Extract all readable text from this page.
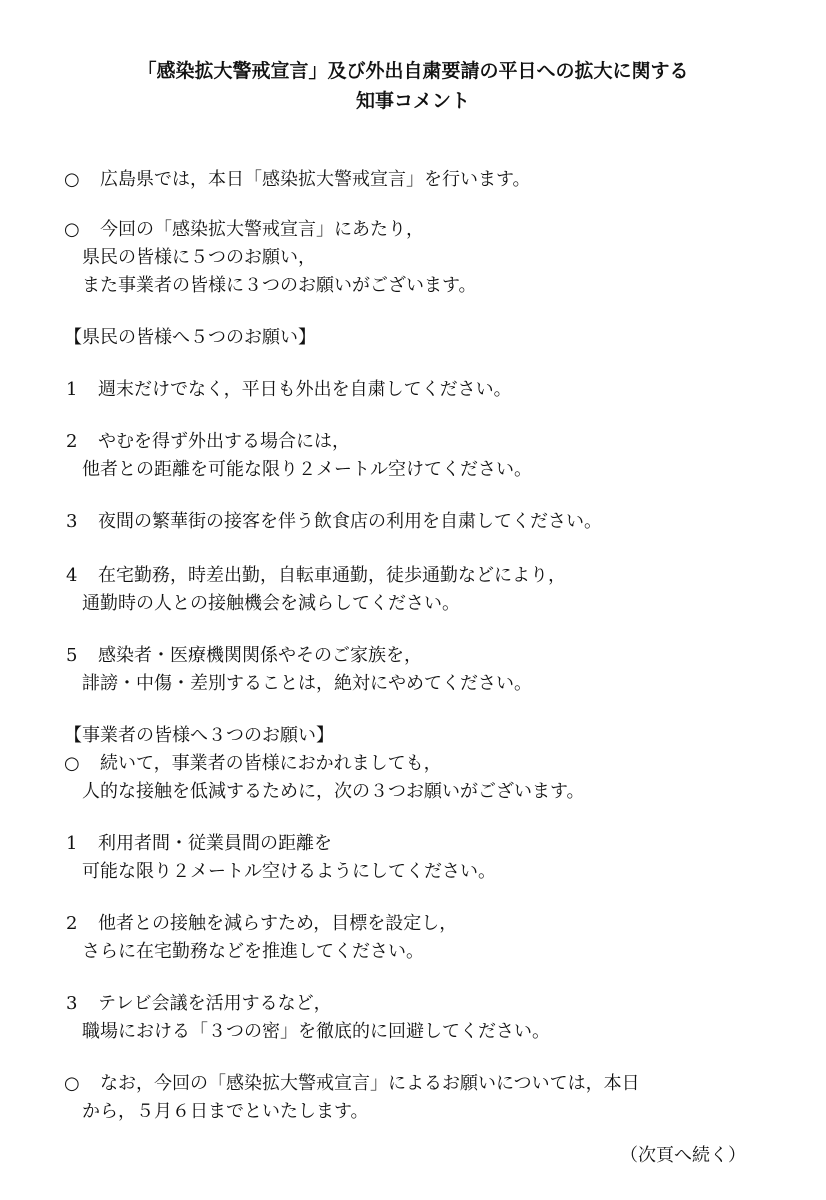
「感染拡大警戒宣言」及び外出自粛要請の平日への拡大に関する
知事コメント
○ 広島県では，本日「感染拡大警戒宣言」を行います。
○ 今回の「感染拡大警戒宣言」にあたり，
県民の皆様に５つのお願い，
また事業者の皆様に３つのお願いがございます。
【県民の皆様へ５つのお願い】
1 週末だけでなく，平日も外出を自粛してください。
2 やむを得ず外出する場合には，
他者との距離を可能な限り２メートル空けてください。
3 夜間の繁華街の接客を伴う飲食店の利用を自粛してください。
4 在宅勤務，時差出勤，自転車通勤，徒歩通勤などにより，
通勤時の人との接触機会を減らしてください。
5 感染者・医療機関関係やそのご家族を，
誹謗・中傷・差別することは，絶対にやめてください。
【事業者の皆様へ３つのお願い】
○ 続いて，事業者の皆様におかれましても，
人的な接触を低減するために，次の３つお願いがございます。
1 利用者間・従業員間の距離を
可能な限り２メートル空けるようにしてください。
2 他者との接触を減らすため，目標を設定し，
さらに在宅勤務などを推進してください。
3 テレビ会議を活用するなど，
職場における「３つの密」を徹底的に回避してください。
○ なお，今回の「感染拡大警戒宣言」によるお願いについては，本日
から，５月６日までといたします。
（次頁へ続く）
